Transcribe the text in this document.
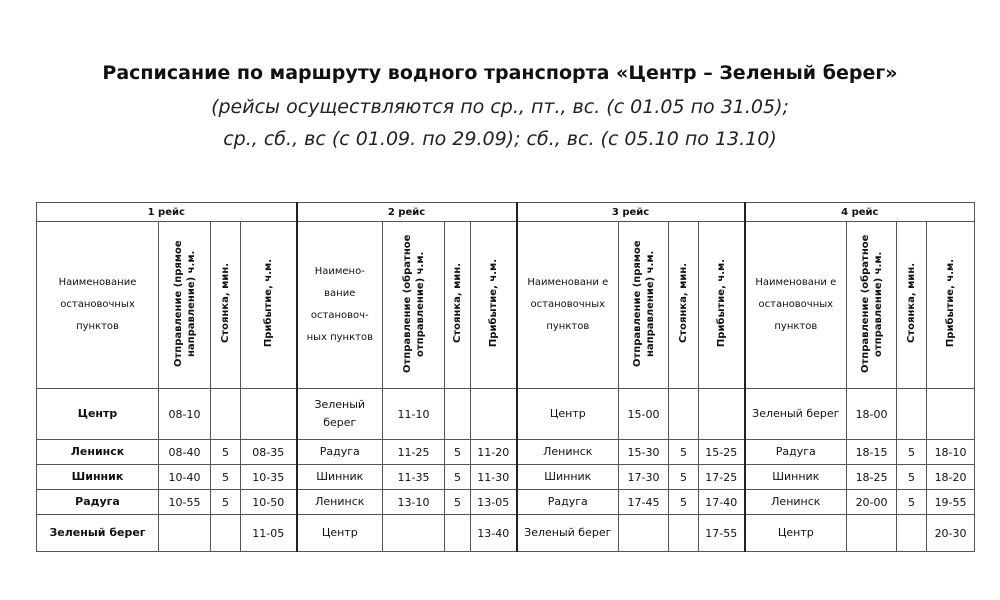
Расписание по маршруту водного транспорта «Центр – Зеленый берег»
(рейсы осуществляются по ср., пт., вс. (с 01.05 по 31.05);
ср., сб., вс (с 01.09. по 29.09); сб., вс. (с 05.10 по 13.10)
1 рейс				2 рейс				3 рейс				4 рейс			
Наименование остановочных пунктов	Отправление (прямое направление) ч.м.	Стоянка, мин.	Прибытие, ч.м.	Наимено-вание остановоч-ных пунктов	Отправление (обратное отправление) ч.м.	Стоянка, мин.	Прибытие, ч.м.	Наименовани е остановочных пунктов	Отправление (прямое направление) ч.м.	Стоянка, мин.	Прибытие, ч.м.	Наименовани е остановочных пунктов	Отправление (обратное отправление) ч.м.	Стоянка, мин.	Прибытие, ч.м.
Центр	08-10			Зеленый берег	11-10			Центр	15-00			Зеленый берег	18-00		
Ленинск	08-40	5	08-35	Радуга	11-25	5	11-20	Ленинск	15-30	5	15-25	Радуга	18-15	5	18-10
Шинник	10-40	5	10-35	Шинник	11-35	5	11-30	Шинник	17-30	5	17-25	Шинник	18-25	5	18-20
Радуга	10-55	5	10-50	Ленинск	13-10	5	13-05	Радуга	17-45	5	17-40	Ленинск	20-00	5	19-55
Зеленый берег			11-05	Центр			13-40	Зеленый берег			17-55	Центр			20-30
